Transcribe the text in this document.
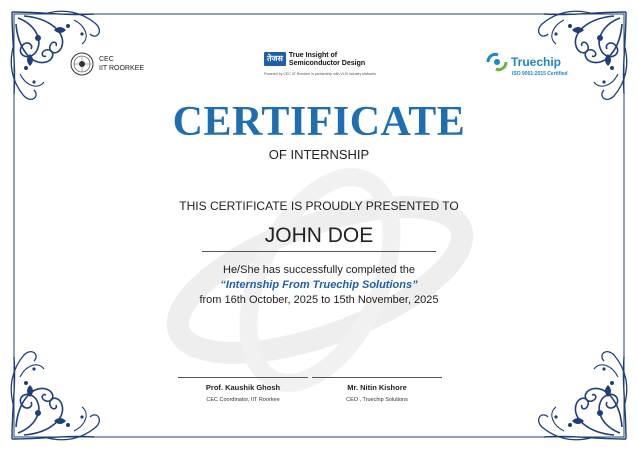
CEC
IIT ROORKEE
तेजस True Insight of
Semiconductor Design
Powered by CEC IIT Roorkee in partnership with VLSI industry stalwarts
Truechip
ISO 9001:2015 Certified
CERTIFICATE
OF INTERNSHIP
THIS CERTIFICATE IS PROUDLY PRESENTED TO
JOHN DOE
He/She has successfully completed the
“Internship From Truechip Solutions”
from 16th October, 2025 to 15th November, 2025
Prof. Kaushik Ghosh
CEC Coordinator, IIT Roorkee
Mr. Nitin Kishore
CEO , Truechip Solutions
